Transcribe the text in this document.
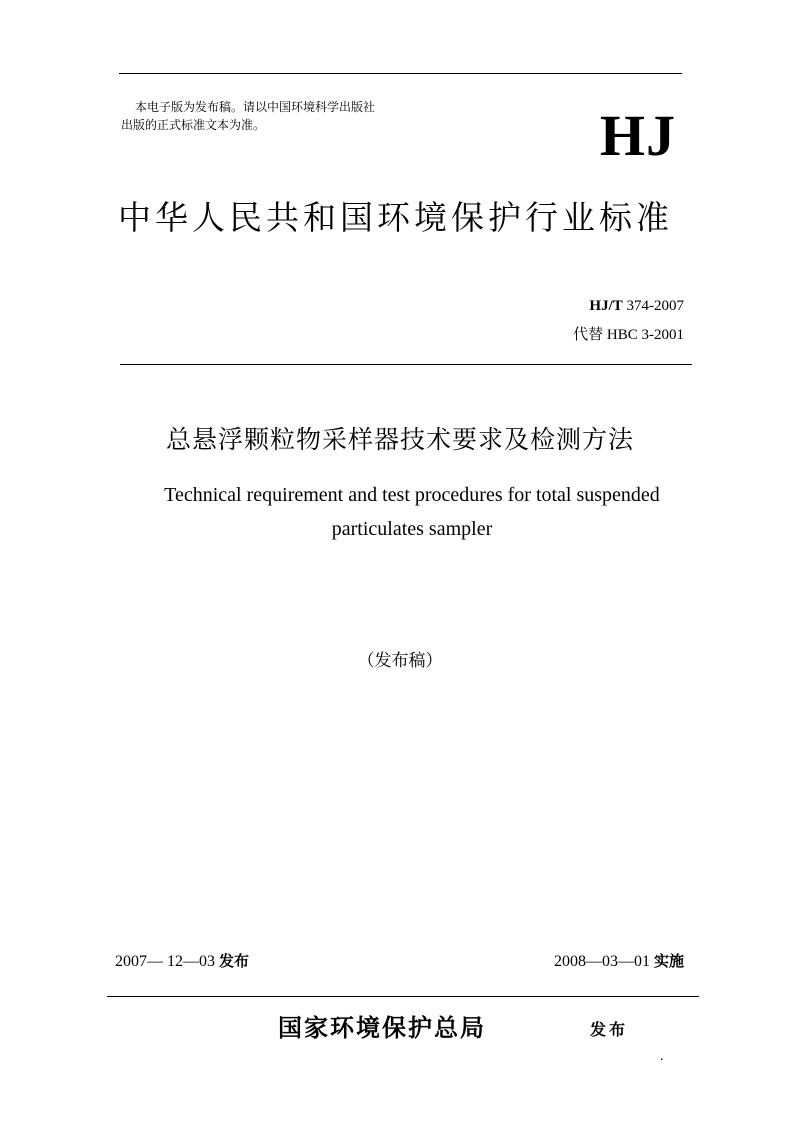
本电子版为发布稿。请以中国环境科学出版社
出版的正式标准文本为准。	HJ
中华人民共和国环境保护行业标准
HJ/T 374-2007
代替 HBC 3-2001
总悬浮颗粒物采样器技术要求及检测方法
Technical requirement and test procedures for total suspended particulates sampler
（发布稿）
2007— 12—03 发布	2008—03—01 实施
国家环境保护总局	发布
.
